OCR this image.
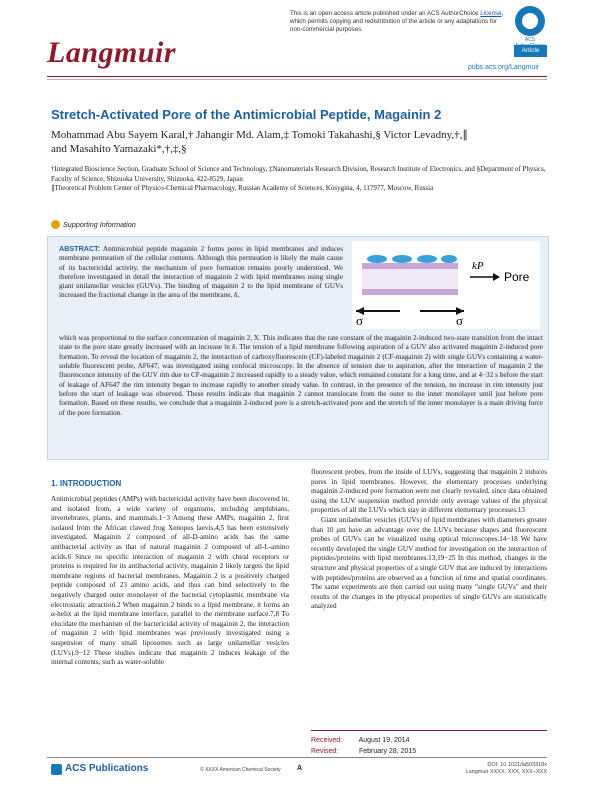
This is an open access article published under an ACS AuthorChoice License, which permits copying and redistribution of the article or any adaptations for non-commercial purposes.
ACS
Langmuir	Article
pubs.acs.org/Langmuir
Stretch-Activated Pore of the Antimicrobial Peptide, Magainin 2
Mohammad Abu Sayem Karal,† Jahangir Md. Alam,‡ Tomoki Takahashi,§ Victor Levadny,†,∥
and Masahito Yamazaki*,†,‡,§

†Integrated Bioscience Section, Graduate School of Science and Technology, ‡Nanomaterials Research Division, Research Institute of Electronics, and §Department of Physics, Faculty of Science, Shizuoka University, Shizuoka, 422-8529, Japan

∥Theoretical Problem Center of Physico-Chemical Pharmacology, Russian Academy of Sciences, Kosygina, 4, 117977, Moscow, Russia

Supporting Information
ABSTRACT: Antimicrobial peptide magainin 2 forms pores in lipid membranes and induces membrane permeation of the cellular contents. Although this permeation is likely the main cause of its bactericidal activity, the mechanism of pore formation remains poorly understood. We therefore investigated in detail the interaction of magainin 2 with lipid membranes using single giant unilamellar vesicles (GUVs). The binding of magainin 2 to the lipid membrane of GUVs increased the fractional change in the area of the membrane, δ,
which was proportional to the surface concentration of magainin 2, X. This indicates that the rate constant of the magainin 2-induced two-state transition from the intact state to the pore state greatly increased with an increase in δ. The tension of a lipid membrane following aspiration of a GUV also activated magainin 2-induced pore formation. To reveal the location of magainin 2, the interaction of carboxyfluorescein (CF)-labeled magainin 2 (CF-magainin 2) with single GUVs containing a water-soluble fluorescent probe, AF647, was investigated using confocal microscopy. In the absence of tension due to aspiration, after the interaction of magainin 2 the fluorescence intensity of the GUV rim due to CF-magainin 2 increased rapidly to a steady value, which remained constant for a long time, and at 4−32 s before the start of leakage of AF647 the rim intensity began to increase rapidly to another steady value. In contrast, in the presence of the tension, no increase in rim intensity just before the start of leakage was observed. These results indicate that magainin 2 cannot translocate from the outer to the inner monolayer until just before pore formation. Based on these results, we conclude that a magainin 2-induced pore is a stretch-activated pore and the stretch of the inner monolayer is a main driving force of the pore formation.
σ	σ
kP
Pore
1. INTRODUCTION

Antimicrobial peptides (AMPs) with bactericidal activity have been discovered in, and isolated from, a wide variety of organisms, including amphibians, invertebrates, plants, and mammals.1−3 Among these AMPs, magainin 2, first isolated from the African clawed frog Xenopus laevis,4,5 has been extensively investigated. Magainin 2 composed of all-D-amino acids has the same antibacterial activity as that of natural magainin 2 composed of all-L-amino acids.6 Since no specific interaction of magainin 2 with chiral receptors or proteins is required for its antibacterial activity, magainin 2 likely targets the lipid membrane regions of bacterial membranes. Magainin 2 is a positively charged peptide composed of 23 amino acids, and thus can bind selectively to the negatively charged outer monolayer of the bacterial cytoplasmic membrane via electrostatic attraction.2 When magainin 2 binds to a lipid membrane, it forms an α-helix at the lipid membrane interface, parallel to the membrane surface.7,8 To elucidate the mechanism of the bactericidal activity of magainin 2, the interaction of magainin 2 with lipid membranes was previously investigated using a suspension of many small liposomes such as large unilamellar vesicles (LUVs).9−12 These studies indicate that magainin 2 induces leakage of the internal contents, such as water-soluble

fluorescent probes, from the inside of LUVs, suggesting that magainin 2 induces pores in lipid membranes. However, the elementary processes underlying magainin 2-induced pore formation were not clearly revealed, since data obtained using the LUV suspension method provide only average values of the physical properties of all the LUVs which stay in different elementary processes.13

Giant unilamellar vesicles (GUVs) of lipid membranes with diameters greater than 10 μm have an advantage over the LUVs because shapes and fluorescent probes of GUVs can be visualized using optical microscopes.14−18 We have recently developed the single GUV method for investigation on the interaction of peptides/proteins with lipid membranes.13,19−25 In this method, changes in the structure and physical properties of a single GUV that are induced by interactions with peptides/proteins are observed as a function of time and spatial coordinates. The same experiments are then carried out using many "single GUVs" and their results of the changes in the physical properties of single GUVs are statistically analyzed

Received: August 19, 2014
Revised:	February 28, 2015
ACS Publications	© XXXX American Chemical Society A	DOI: 10.1021/la503318x
Langmuir XXXX, XXX, XXX−XXX
